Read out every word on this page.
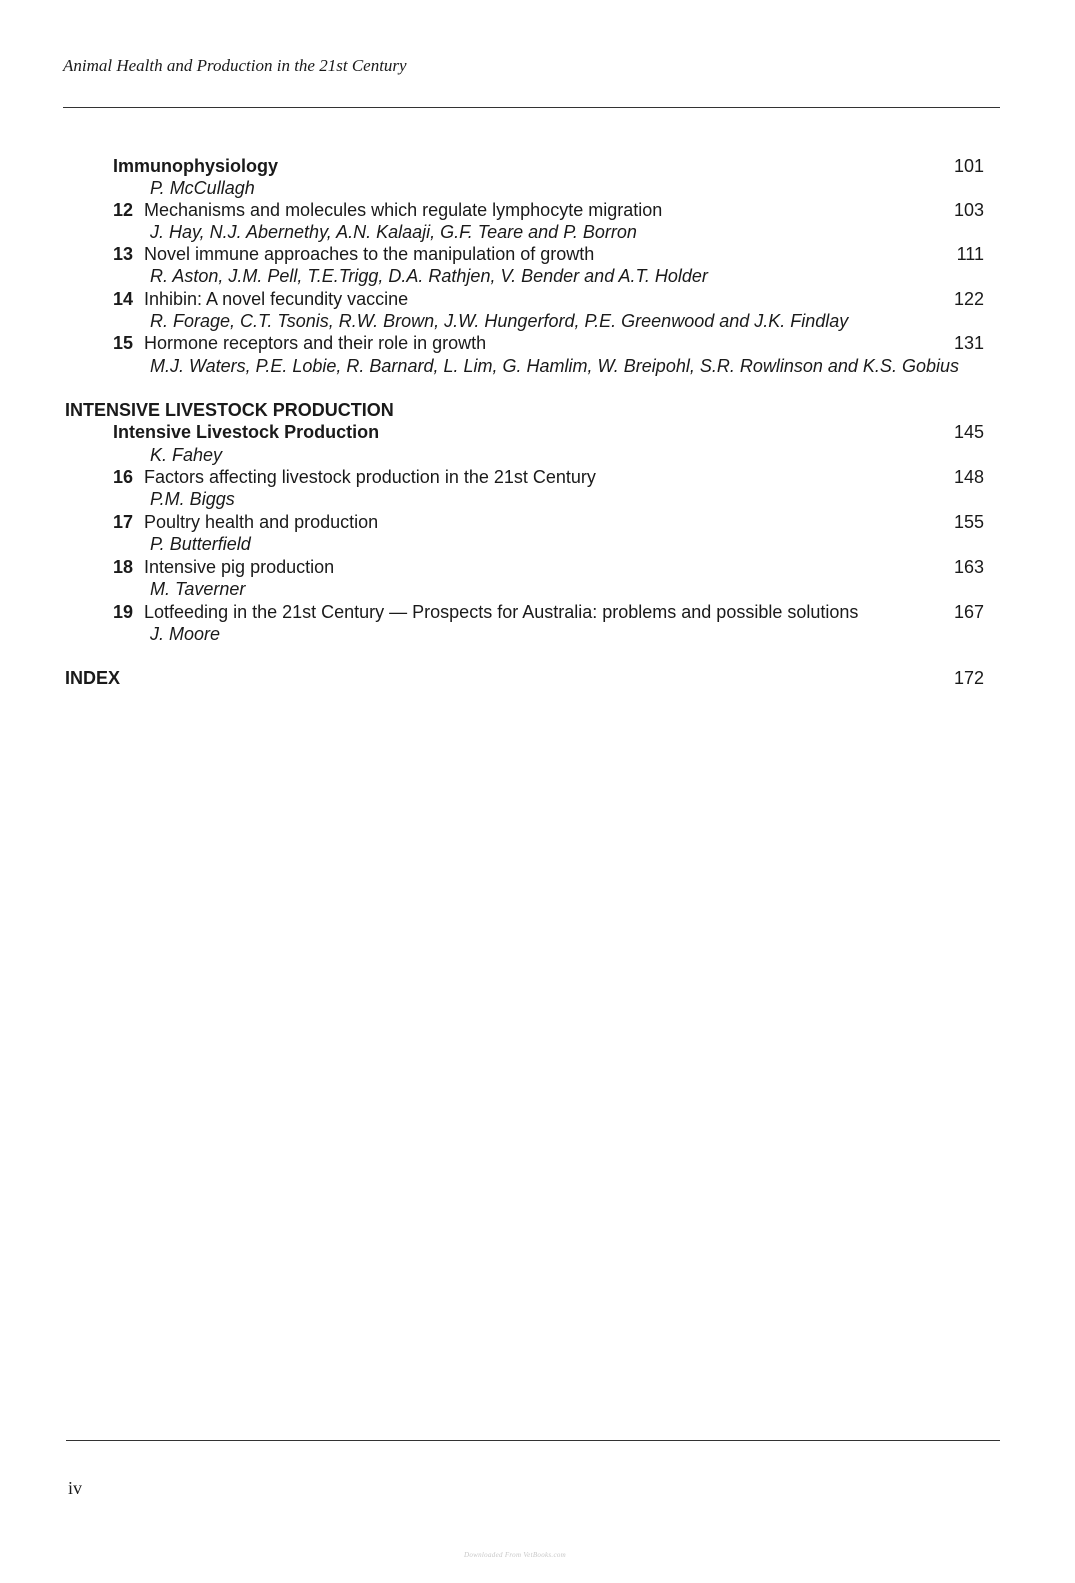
Animal Health and Production in the 21st Century
Immunophysiology	101
P. McCullagh
12 Mechanisms and molecules which regulate lymphocyte migration	103
J. Hay, N.J. Abernethy, A.N. Kalaaji, G.F. Teare and P. Borron
13 Novel immune approaches to the manipulation of growth	111
R. Aston, J.M. Pell, T.E.Trigg, D.A. Rathjen, V. Bender and A.T. Holder
14 Inhibin: A novel fecundity vaccine	122
R. Forage, C.T. Tsonis, R.W. Brown, J.W. Hungerford, P.E. Greenwood and J.K. Findlay
15 Hormone receptors and their role in growth	131
M.J. Waters, P.E. Lobie, R. Barnard, L. Lim, G. Hamlim, W. Breipohl, S.R. Rowlinson and K.S. Gobius
INTENSIVE LIVESTOCK PRODUCTION
Intensive Livestock Production	145
K. Fahey
16 Factors affecting livestock production in the 21st Century	148
P.M. Biggs
17 Poultry health and production	155
P. Butterfield
18 Intensive pig production	163
M. Taverner
19 Lotfeeding in the 21st Century — Prospects for Australia: problems and possible solutions	167
J. Moore
INDEX	172
iv
Downloaded From VetBooks.com
